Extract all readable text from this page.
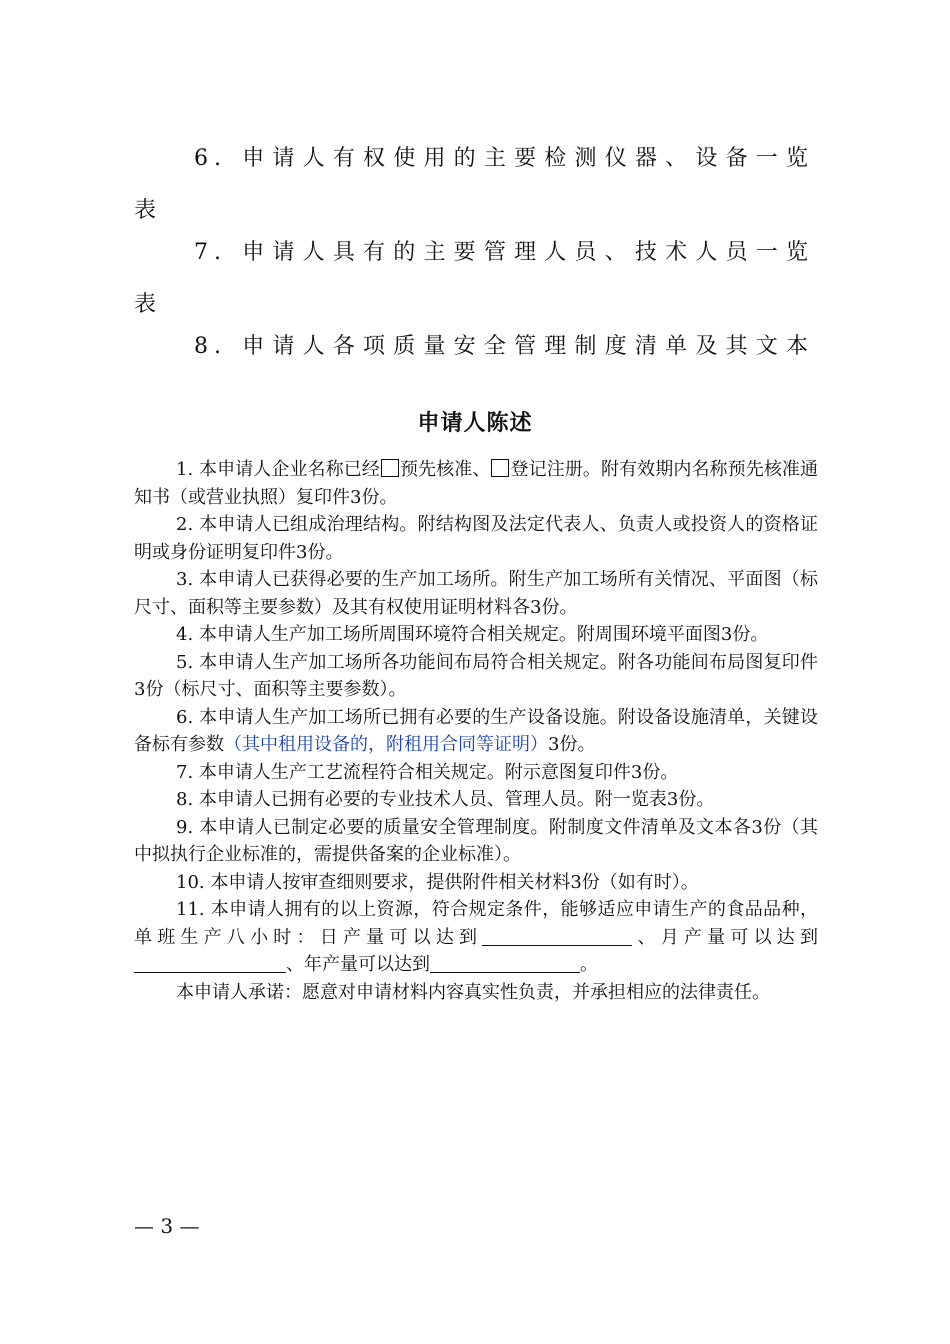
6. 申请人有权使用的主要检测仪器、设备一览
表
7. 申请人具有的主要管理人员、技术人员一览
表
8. 申请人各项质量安全管理制度清单及其文本
申请人陈述

1. 本申请人企业名称已经 预先核准、 登记注册。附有效期内名称预先核准通知书（或营业执照）复印件3份。

2. 本申请人已组成治理结构。附结构图及法定代表人、负责人或投资人的资格证明或身份证明复印件3份。

3. 本申请人已获得必要的生产加工场所。附生产加工场所有关情况、平面图（标尺寸、面积等主要参数）及其有权使用证明材料各3份。

4. 本申请人生产加工场所周围环境符合相关规定。附周围环境平面图3份。

5. 本申请人生产加工场所各功能间布局符合相关规定。附各功能间布局图复印件3份（标尺寸、面积等主要参数）。

6. 本申请人生产加工场所已拥有必要的生产设备设施。附设备设施清单，关键设备标有参数（其中租用设备的，附租用合同等证明）3份。

7. 本申请人生产工艺流程符合相关规定。附示意图复印件3份。

8. 本申请人已拥有必要的专业技术人员、管理人员。附一览表3份。

9. 本申请人已制定必要的质量安全管理制度。附制度文件清单及文本各3份（其中拟执行企业标准的，需提供备案的企业标准）。

10. 本申请人按审查细则要求，提供附件相关材料3份（如有时）。

11. 本申请人拥有的以上资源，符合规定条件，能够适应申请生产的食品品种，单班生产八小时：日产量可以达到	、月产量可以达到、年产量可以达到	。

本申请人承诺：愿意对申请材料内容真实性负责，并承担相应的法律责任。

— 3 —
